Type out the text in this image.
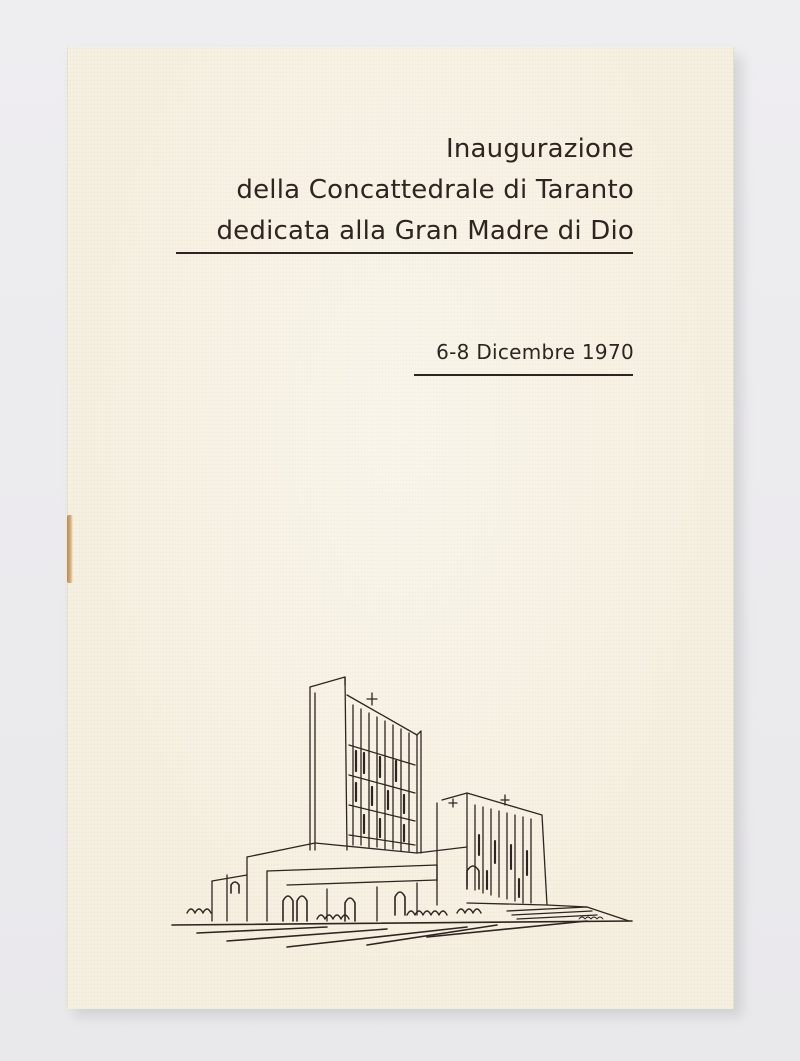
Inaugurazione
della Concattedrale di Taranto
dedicata alla Gran Madre di Dio
6-8 Dicembre 1970
